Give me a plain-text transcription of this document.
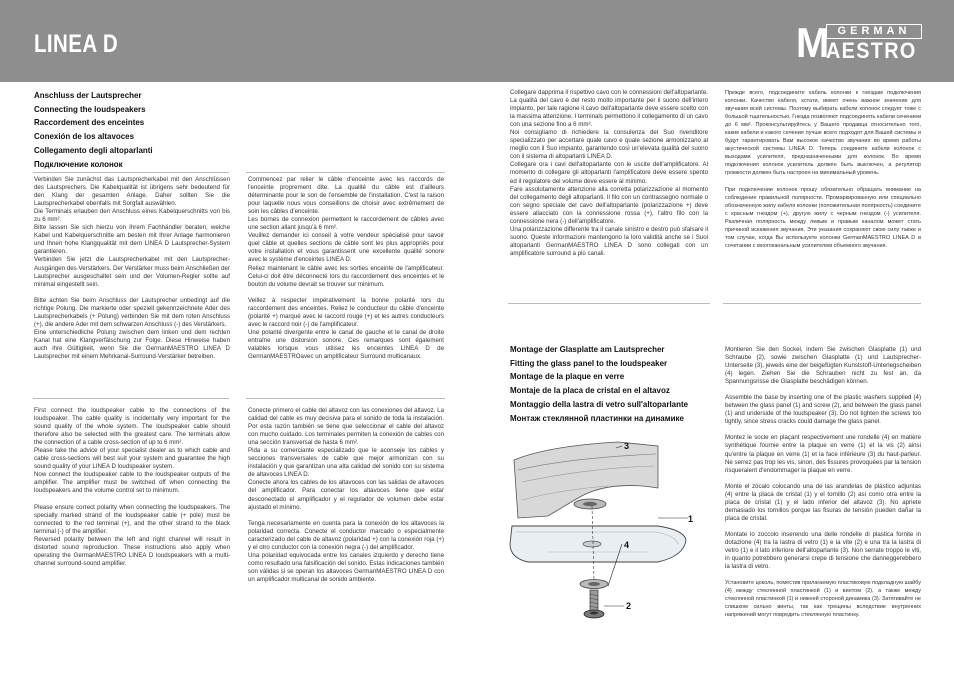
LINEA D	M GERMAN
AESTRO
Anschluss der Lautsprecher
Connecting the loudspeakers
Raccordement des enceintes
Conexión de los altavoces
Collegamento degli altoparlanti
Подключение колонок

Verbinden Sie zunächst das Lautsprecherkabel mit den Anschlüssen des Lautsprechers. Die Kabelqualität ist übrigens sehr bedeutend für den Klang der gesamten Anlage. Daher sollten Sie die Lautsprecherkabel ebenfalls mit Sorgfalt auswählen.

Die Terminals erlauben den Anschluss eines Kabelquerschnitts von bis zu 6 mm².

Bitte lassen Sie sich hierzu von Ihrem Fachhändler beraten, welche Kabel und Kabelquerschnitte am besten mit Ihrer Anlage harmonieren und Ihnen hohe Klangqualität mit dem LINEA D Lautsprecher-System garantieren.

Verbinden Sie jetzt die Lautsprecherkabel mit den Lautsprecher-Ausgängen des Verstärkers. Der Verstärker muss beim Anschließen der Lautsprecher ausgeschaltet sein und der Volumen-Regler sollte auf minimal eingestellt sein.

Bitte achten Sie beim Anschluss der Lautsprecher unbedingt auf die richtige Polung. Die markierte oder speziell gekennzeichnete Ader des Lautsprecherkabels (+ Polung) verbinden Sie mit dem roten Anschluss (+), die andere Ader mit dem schwarzen Anschluss (-) des Verstärkers.

Eine unterschiedliche Polung zwischen dem linken und dem rechten Kanal hat eine Klangverfälschung zur Folge. Diese Hinweise haben auch ihre Gültigkeit, wenn Sie die GermanMAESTRO LINEA D Lautsprecher mit einem Mehrkanal-Surround-Verstärker betreiben.

Commencez par relier le câble d'enceinte avec les raccords de l'enceinte proprement dite. La qualité du câble est d'ailleurs déterminante pour le son de l'ensemble de l'installation. C'est la raison pour laquelle nous vous conseillons de choisir avec extrêmement de soin les câbles d'enceinte.

Les bornes de connexion permettent le raccordement de câbles avec une section allant jusqu'à 6 mm².

Veuillez demander ici conseil à votre vendeur spécialisé pour savoir quel câble et quelles sections de câble sont les plus appropriés pour votre installation et vous garantissent une excellente qualité sonore avec le système d'enceintes LINEA D.

Reliez maintenant le câble avec les sorties enceinte de l'amplificateur. Celui-ci doit être déconnecté lors du raccordement des enceintes et le bouton du volume devrait se trouver sur minimum.

Veillez à respecter impérativement la bonne polarité lors du raccordement des enceintes. Reliez le conducteur du câble d'enceinte (polarité +) marqué avec le raccord rouge (+) et les autres conducteurs avec le raccord noir (-) de l'amplificateur.

Une polarité divergente entre le canal de gauche et le canal de droite entraîne une distorsion sonore. Ces remarques sont également valables lorsque vous utilisez les enceintes LINEA D de GermanMAESTROavec un amplificateur Surround multicanaux.

First connect the loudspeaker cable to the connections of the loudspeaker. The cable quality is incidentally very important for the sound quality of the whole system. The loudspeaker cable should therefore also be selected with the greatest care. The terminals allow the connection of a cable cross-section of up to 6 mm².

Please take the advice of your specialist dealer as to which cable and cable cross-sections will best suit your system and guarantee the high sound quality of your LINEA D loudspeaker system.

Now connect the loudspeaker cable to the loudspeaker outputs of the amplifier. The amplifier must be switched off when connecting the loudspeakers and the volume control set to minimum.

Please ensure correct polarity when connecting the loudspeakers. The specially marked strand of the loudspeaker cable (+ pole) must be connected to the red terminal (+), and the other strand to the black terminal (-) of the amplifier.

Reversed polarity between the left and right channel will result in distorted sound reproduction. These instructions also apply when operating the GermanMAESTRO LINEA D loudspeakers with a multi-channel surround-sound amplifier.

Conecte primero el cable del altavoz con las conexiones del altavoz. La calidad del cable es muy decisiva para el sonido de toda la instalación. Por esta razón también se tiene que seleccionar el cable del altavoz con mucho cuidado. Los terminales permiten la conexión de cables con una sección transversal de hasta 6 mm².

Pida a su comerciante especializado que le aconseje los cables y secciones transversales de cable que mejor armonizan con su instalación y que garantizan una alta calidad del sonido con su sistema de altavoces LINEA D.

Conecte ahora los cables de los altavoces con las salidas de altavoces del amplificador. Para conectar los altavoces tiene que estar desconectado el amplificador y el regulador de volumen debe estar ajustado el mínimo.

Tenga necesariamente en cuenta para la conexión de los altavoces la polaridad correcta. Conecte el conductor marcado o especialmente caracterizado del cable de altavoz (polaridad +) con la conexión roja (+) y el otro conductor con la conexión negra (-) del amplificador.

Una polaridad equivocada entre los canales izquierdo y derecho tiene como resultado una falsificación del sonido. Estas indicaciones también son válidas si se operan los altavoces GermanMAESTRO LINEA D con un amplificador multicanal de sonido ambiente.

Collegare dapprima il rispettivo cavo con le connessioni dell'altoparlante. La qualità del cavo è del resto molto importante per il suono dell'intero impianto, per tale ragione il cavo dell'altoparlante deve essere scelto con la massima attenzione. I terminals permettono il collegamento di un cavo con una sezione fino a 6 mm².

Noi consigliamo di richiedere la consulenza del Suo rivenditore specializzato per accertare quale cavo e quale sezione armonizzano al meglio con il Suo impianto, garantendo così un'elevata qualità del suono con il sistema di altoparlanti LINEA D.

Collegare ora i cavi dell'altoparlante con le uscite dell'amplificatore. Al momento di collegare gli altoparlanti l'amplificatore deve essere spento ed il regolatore del volume deve essere al minimo.

Fare assolutamente attenzione alla corretta polarizzazione al momento del collegamento degli altoparlanti. Il filo con un contrassegno normale o con segno speciale del cavo dell'altoparlante (polarizzazione +) deve essere allacciato con la connessione rossa (+), l'altro filo con la connessione nera (-) dell'amplificatore.

Una polarizzazione differente tra il canale sinistro e destro può sfalsare il suono. Queste informazioni mantengono la loro validità anche se i Suoi altoparlanti GermanMAESTRO LINEA D sono collegati con un amplificatore surround a più canali.

Прежде всего, подсоедините кабель колонки к гнездам подключения колонки. Качество кабеля, кстати, имеет очень важное значение для звучания всей системы. Поэтому выбирать кабели колонок следует тоже с большой тщательностью. Гнезда позволяют подсоединять кабели сечением до 6 мм². Проконсультируйтесь у Вашего продавца относительно того, какие кабели и какого сечения лучше всего подходят для Вашей системы и будут гарантировать Вам высокое качество звучания во время работы акустической системы LINEA D. Теперь соедините кабели колонок с выходами усилителя, предназначенными для колонок. Во время подключения колонок усилитель должен быть выключен, а регулятор громкости должен быть настроен на минимальный уровень.

При подключении колонок прошу обязательно обращать внимание на соблюдение правильной полярности. Промаркированную или специально обозначенную жилу кабеля колонки (положительная полярность) соедините с красным гнездом (+), другую жилу с черным гнездом (-) усилителя. Различная полярность между левым и правым каналом может стать причиной искажения звучания. Эти указания сохраняют свою силу также и том случае, когда Вы используете колонки GermanMAESTRO LINEA D в сочетании с многоканальным усилителем объемного звучания.

Montage der Glasplatte am Lautsprecher
Fitting the glass panel to the loudspeaker
Montage de la plaque en verre
Montaje de la placa de cristal en el altavoz
Montaggio della lastra di vetro sull'altoparlante
Монтаж стеклянной пластинки на динамике

Montieren Sie den Sockel, indem Sie zwischen Glasplatte (1) und Schraube (2), sowie zwischen Glasplatte (1) und Lautsprecher-Unterseite (3), jeweils eine der beigefügten Kunststoff-Unterlegscheiben (4) legen. Ziehen Sie die Schrauben nicht zu fest an, da Spannungsrisse die Glasplatte beschädigen können.

Assemble the base by inserting one of the plastic washers supplied (4) between the glass panel (1) and screw (2), and between the glass panel (1) and underside of the loudspeaker (3). Do not tighten the screws too tightly, since stress cracks could damage the glass panel.

Montez le socle en plaçant respectivement une rondelle (4) en matière synthétique fournie entre la plaque en verre (1) et la vis (2) ainsi qu'entre la plaque en verre (1) et la face inférieure (3) du haut-parleur. Ne serrez pas trop les vis, sinon, des fissures provoquées par la tension risqueraient d'endommager la plaque en verre.

Monte el zócalo colocando una de las arandelas de plástico adjuntas (4) entre la placa de cristal (1) y el tornillo (2) así como otra entre la placa de cristal (1) y el lado inferior del altavoz (3). No apriete demasiado los tornillos porque las fisuras de tensión pueden dañar la placa de cristal.

Montate lo zoccolo inserendo una delle rondelle di plastica fornite in dotazione (4) tra la lastra di vetro (1) e la vite (2) e una tra la lastra di vetro (1) e il lato inferiore dell'altoparlante (3). Non serrate troppo le viti, in quanto potrebbero generarsi crepe di tensione che danneggerebbero la lastra di vetro.

Установите цоколь, поместив прилагаемую пластиковую подкладную шайбу (4) между стеклянной пластинкой (1) и винтом (2), а также между стеклянной пластинкой (1) и нижней стороной динамика (3). Затягивайте не слишком сильно винты, так как трещины вследствие внутренних напряжений могут повредить стеклянную пластинку.

3
1
4
2
